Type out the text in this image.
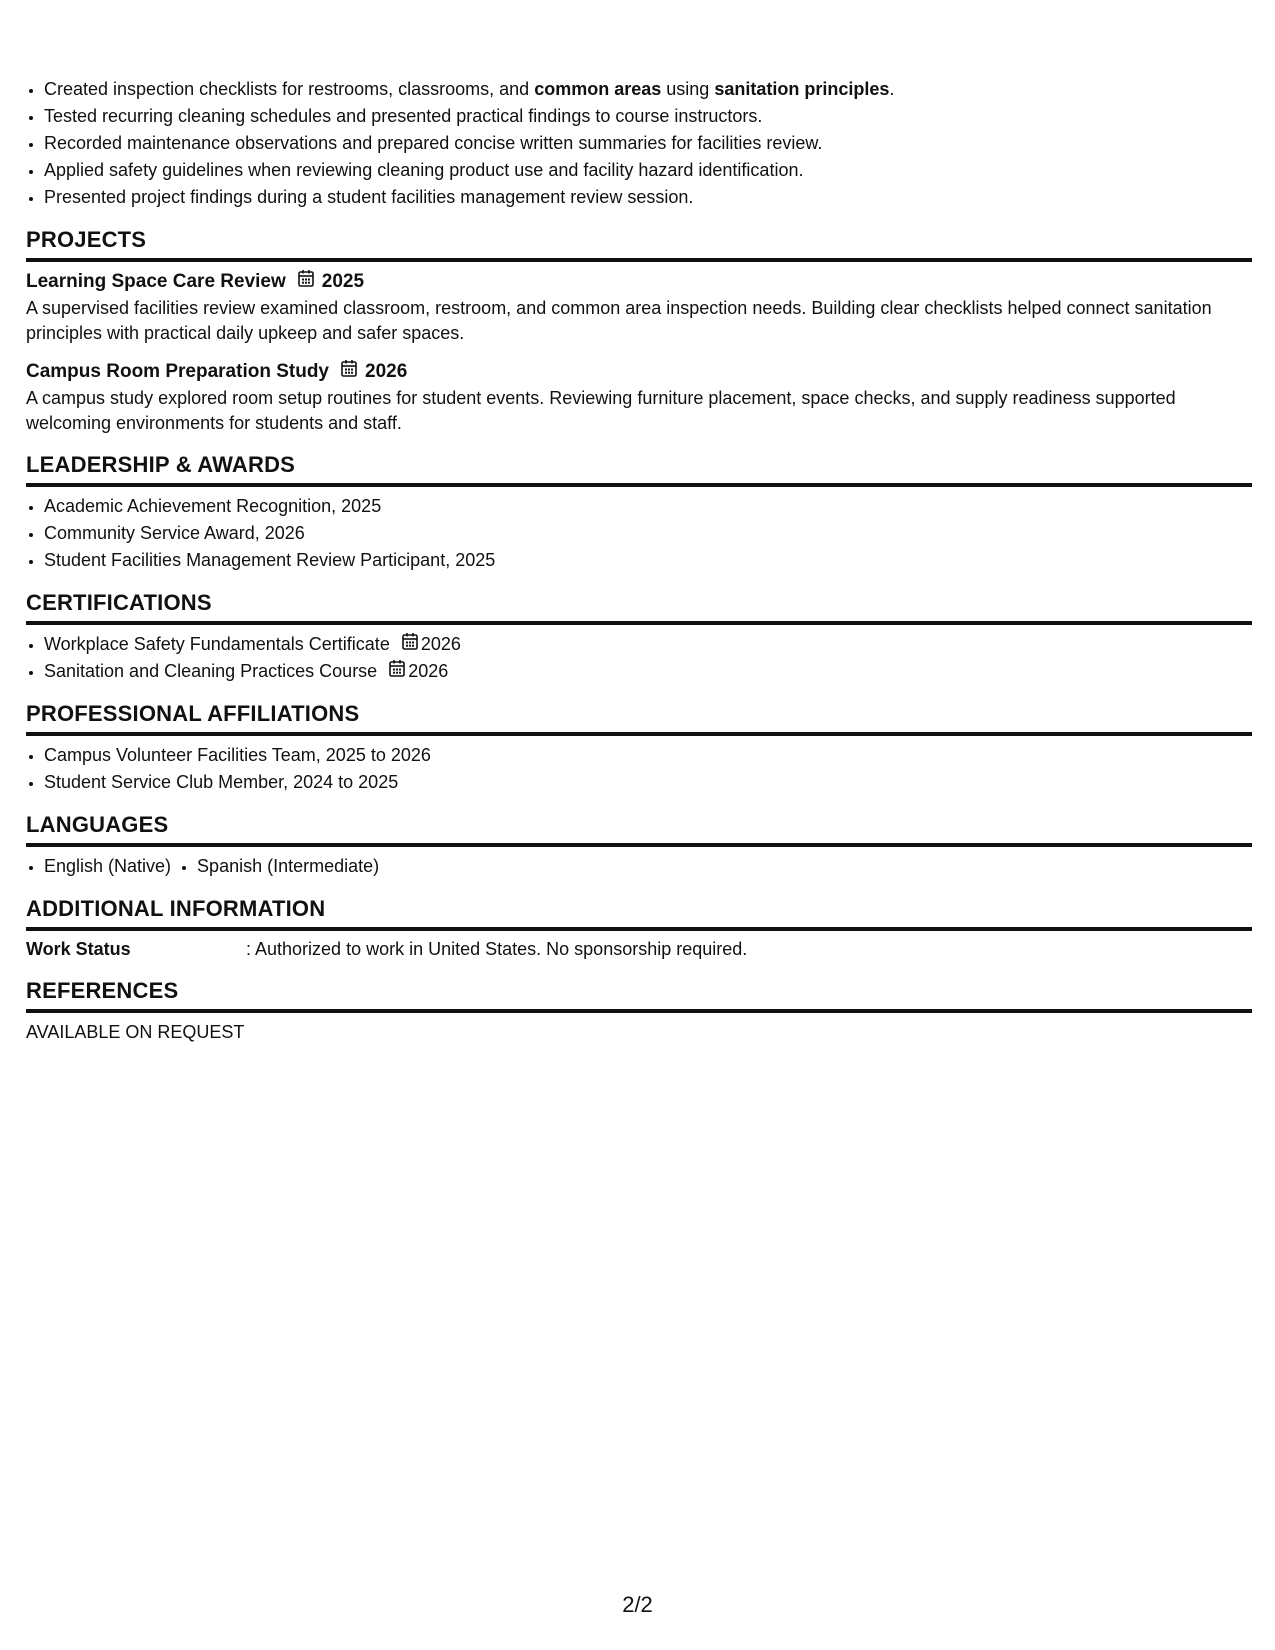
• Created inspection checklists for restrooms, classrooms, and common areas using sanitation principles.
• Tested recurring cleaning schedules and presented practical findings to course instructors.
• Recorded maintenance observations and prepared concise written summaries for facilities review.
• Applied safety guidelines when reviewing cleaning product use and facility hazard identification.
• Presented project findings during a student facilities management review session.
PROJECTS
Learning Space Care Review 2025
A supervised facilities review examined classroom, restroom, and common area inspection needs. Building clear checklists helped connect sanitation principles with practical daily upkeep and safer spaces.
Campus Room Preparation Study 2026
A campus study explored room setup routines for student events. Reviewing furniture placement, space checks, and supply readiness supported welcoming environments for students and staff.
LEADERSHIP & AWARDS
• Academic Achievement Recognition, 2025
• Community Service Award, 2026
• Student Facilities Management Review Participant, 2025
CERTIFICATIONS
• Workplace Safety Fundamentals Certificate 2026
• Sanitation and Cleaning Practices Course 2026
PROFESSIONAL AFFILIATIONS
• Campus Volunteer Facilities Team, 2025 to 2026
• Student Service Club Member, 2024 to 2025
LANGUAGES
• English (Native)
• Spanish (Intermediate)
ADDITIONAL INFORMATION
Work Status	: Authorized to work in United States. No sponsorship required.
REFERENCES
AVAILABLE ON REQUEST
2/2
